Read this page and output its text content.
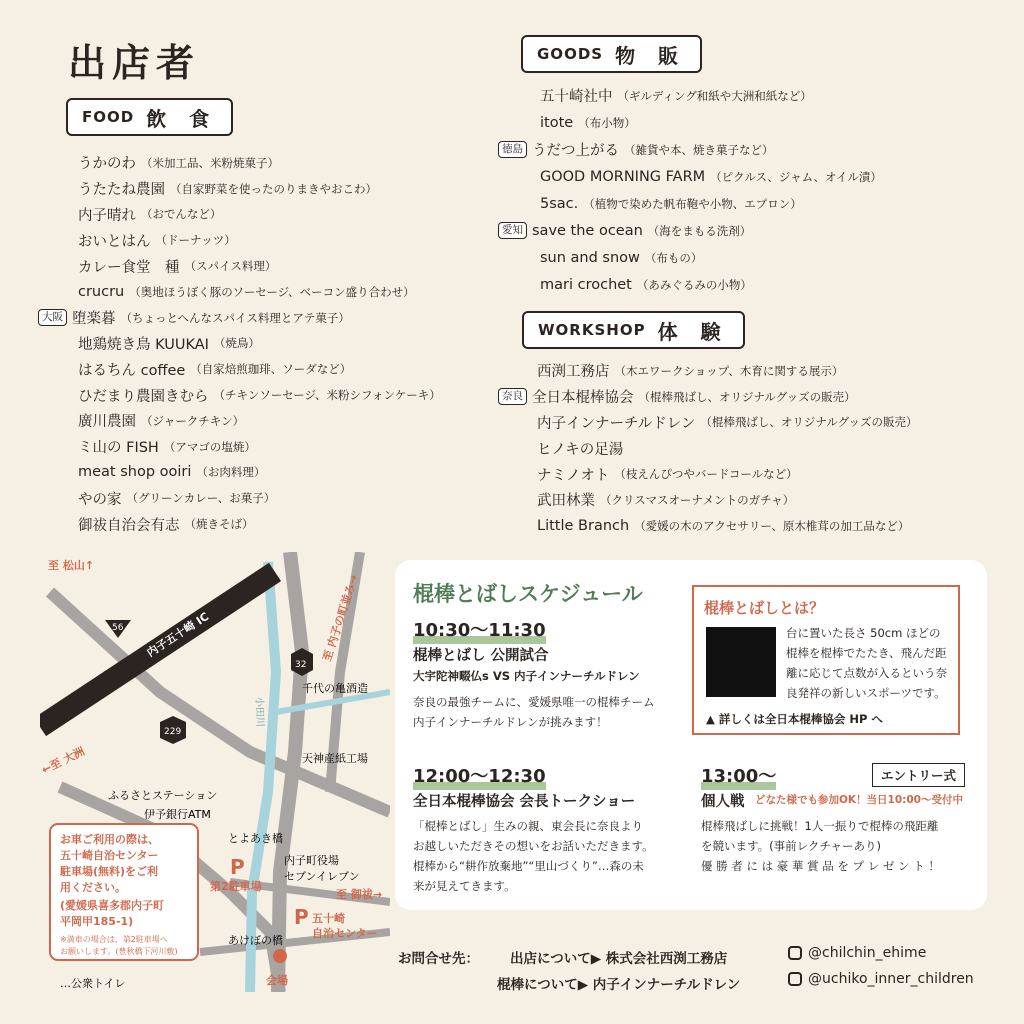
出店者
FOOD 飲 食
うかのわ （米加工品、米粉焼菓子）
うたたね農園 （自家野菜を使ったのりまきやおこわ）
内子晴れ （おでんなど）
おいとはん （ドーナッツ）
カレー食堂　種 （スパイス料理）
crucru （奥地ほうぼく豚のソーセージ、ベーコン盛り合わせ）
大阪 堕楽暮 （ちょっとへんなスパイス料理とアテ菓子）
地鶏焼き鳥 KUUKAI （焼鳥）
はるちん coffee （自家焙煎珈琲、ソーダなど）
ひだまり農園きむら （チキンソーセージ、米粉シフォンケーキ）
廣川農園 （ジャークチキン）
ミ山の FISH （アマゴの塩焼）
meat shop ooiri （お肉料理）
やの家 （グリーンカレー、お菓子）
御祓自治会有志 （焼きそば）
GOODS 物 販
五十崎社中 （ギルディング和紙や大洲和紙など）
itote （布小物）
徳島 うだつ上がる （雑貨や本、焼き菓子など）
GOOD MORNING FARM （ピクルス、ジャム、オイル漬）
5sac. （植物で染めた帆布鞄や小物、エプロン）
愛知 save the ocean （海をまもる洗剤）
sun and snow （布もの）
mari crochet （あみぐるみの小物）
WORKSHOP 体 験
西渕工務店 （木エワークショップ、木育に関する展示）
奈良 全日本棍棒協会 （棍棒飛ばし、オリジナルグッズの販売）
内子インナーチルドレン （棍棒飛ばし、オリジナルグッズの販売）
ヒノキの足湯
ナミノオト （枝えんぴつやバードコールなど）
武田林業 （クリスマスオーナメントのガチャ）
Little Branch （愛媛の木のアクセサリー、原木椎茸の加工品など）
56
32
229
至 松山↑
内子五十崎 IC	至 内子の町並み→
←至 大洲
小田川
千代の亀酒造
天神産紙工場
ふるさとステーション
伊予銀行ATM
とよあき橋
内子町役場
セブンイレブン
至 御祓→
P
第2駐車場
P 五十崎
自治センター
あけぼの橋
会場
お車ご利用の際は、
五十崎自治センター
駐車場(無料)をご利
用ください。
(愛媛県喜多郡内子町
平岡甲185-1)
※満車の場合は、第2駐車場へ
お願いします。(豊秋橋下河川敷)
…公衆トイレ
棍棒とばしスケジュール
10:30〜11:30
棍棒とばし 公開試合
大宇陀神畷仏s VS 内子インナーチルドレン
奈良の最強チームに、愛媛県唯一の棍棒チーム
内子インナーチルドレンが挑みます！
12:00〜12:30
全日本棍棒協会 会長トークショー
「棍棒とばし」生みの親、東会長に奈良より
お越しいただきその想いをお話いただきます。
棍棒から“耕作放棄地”“里山づくり”…森の未
来が見えてきます。
棍棒とばしとは？
台に置いた長さ 50cm ほどの
棍棒を棍棒でたたき、飛んだ距
離に応じて点数が入るという奈
良発祥の新しいスポーツです。
▲ 詳しくは全日本棍棒協会 HP へ
13:00〜	エントリー式
個人戦 どなた様でも参加OK！当日10:00〜受付中
棍棒飛ばしに挑戦！1人一振りで棍棒の飛距離
を競います。(事前レクチャーあり)
優 勝 者 に は 豪 華 賞 品 を プ レ ゼ ン ト ！
お問合せ先： 出店について▶ 株式会社西渕工務店
棍棒について▶ 内子インナーチルドレン
@chilchin_ehime
@uchiko_inner_children
